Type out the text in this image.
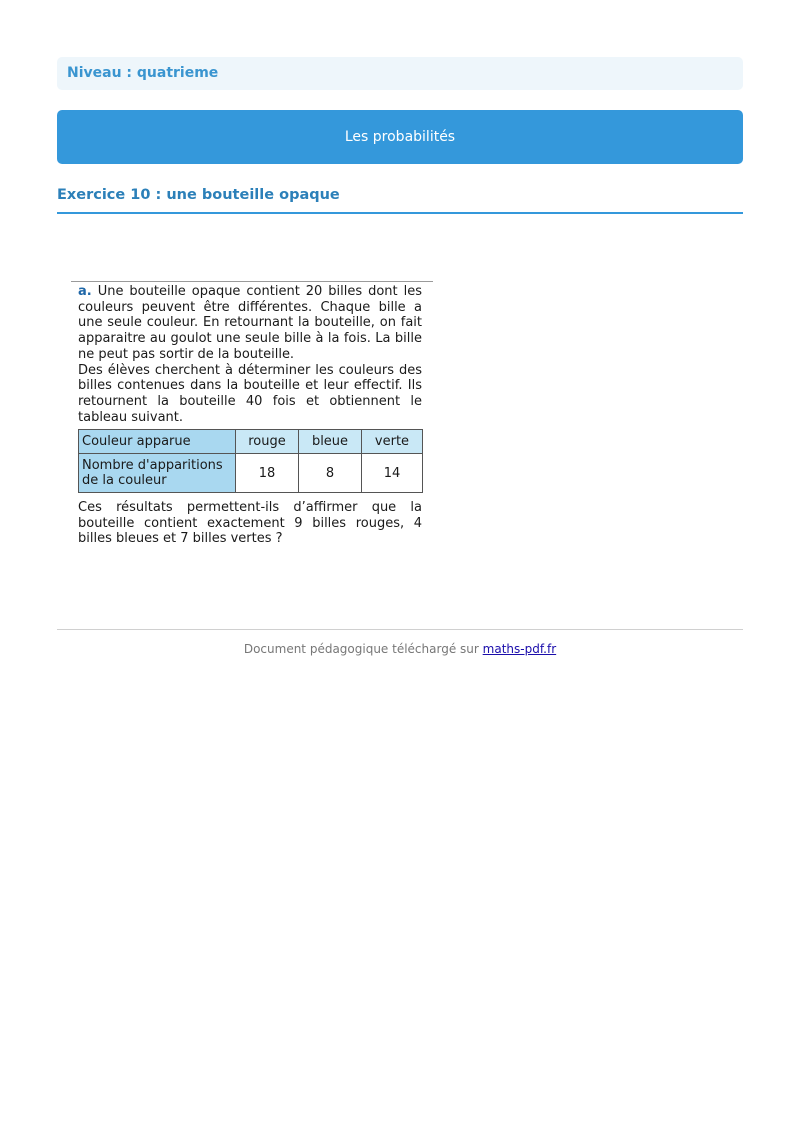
Niveau : quatrieme
Les probabilités
Exercice 10 : une bouteille opaque

a. Une bouteille opaque contient 20 billes dont les couleurs peuvent être différentes. Chaque bille a une seule couleur. En retournant la bouteille, on fait apparaitre au goulot une seule bille à la fois. La bille ne peut pas sortir de la bouteille.

Des élèves cherchent à déterminer les couleurs des billes contenues dans la bouteille et leur effectif. Ils retournent la bouteille 40 fois et obtiennent le tableau suivant.

Couleur apparue	rouge	bleue	verte
Nombre d'apparitions de la couleur	18	8	14

Ces résultats permettent-ils d’affirmer que la bouteille contient exactement 9 billes rouges, 4 billes bleues et 7 billes vertes ?

Document pédagogique téléchargé sur maths-pdf.fr
